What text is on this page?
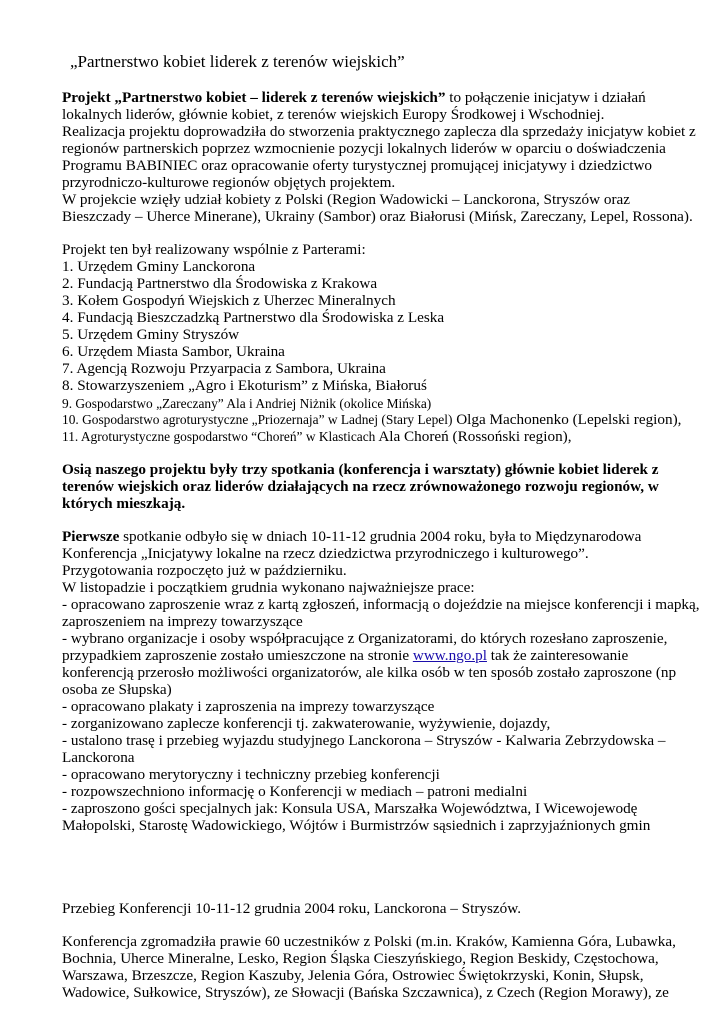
„Partnerstwo kobiet liderek z terenów wiejskich”
Projekt „Partnerstwo kobiet – liderek z terenów wiejskich” to połączenie inicjatyw i działań
lokalnych liderów, głównie kobiet, z terenów wiejskich Europy Środkowej i Wschodniej.
Realizacja projektu doprowadziła do stworzenia praktycznego zaplecza dla sprzedaży inicjatyw kobiet z
regionów partnerskich poprzez wzmocnienie pozycji lokalnych liderów w oparciu o doświadczenia
Programu BABINIEC oraz opracowanie oferty turystycznej promującej inicjatywy i dziedzictwo
przyrodniczo-kulturowe regionów objętych projektem.
W projekcie wzięły udział kobiety z Polski (Region Wadowicki – Lanckorona, Stryszów oraz
Bieszczady – Uherce Minerane), Ukrainy (Sambor) oraz Białorusi (Mińsk, Zareczany, Lepel, Rossona).
Projekt ten był realizowany wspólnie z Parterami:
1. Urzędem Gminy Lanckorona
2. Fundacją Partnerstwo dla Środowiska z Krakowa
3. Kołem Gospodyń Wiejskich z Uherzec Mineralnych
4. Fundacją Bieszczadzką Partnerstwo dla Środowiska z Leska
5. Urzędem Gminy Stryszów
6. Urzędem Miasta Sambor, Ukraina
7. Agencją Rozwoju Przyarpacia z Sambora, Ukraina
8. Stowarzyszeniem „Agro i Ekoturism” z Mińska, Białoruś
9. Gospodarstwo „Zareczany” Ala i Andriej Niżnik (okolice Mińska)
10. Gospodarstwo agroturystyczne „Priozernaja” w Ladnej (Stary Lepel) Olga Machonenko (Lepelski region),
11. Agroturystyczne gospodarstwo “Choreń” w Klasticach Ala Choreń (Rossoński region),
Osią naszego projektu były trzy spotkania (konferencja i warsztaty) głównie kobiet liderek z
terenów wiejskich oraz liderów działających na rzecz zrównoważonego rozwoju regionów, w
których mieszkają.
Pierwsze spotkanie odbyło się w dniach 10-11-12 grudnia 2004 roku, była to Międzynarodowa
Konferencja „Inicjatywy lokalne na rzecz dziedzictwa przyrodniczego i kulturowego”.
Przygotowania rozpoczęto już w październiku.
W listopadzie i początkiem grudnia wykonano najważniejsze prace:
- opracowano zaproszenie wraz z kartą zgłoszeń, informacją o dojeździe na miejsce konferencji i mapką,
zaproszeniem na imprezy towarzyszące
- wybrano organizacje i osoby współpracujące z Organizatorami, do których rozesłano zaproszenie,
przypadkiem zaproszenie zostało umieszczone na stronie www.ngo.pl tak że zainteresowanie
konferencją przerosło możliwości organizatorów, ale kilka osób w ten sposób zostało zaproszone (np
osoba ze Słupska)
- opracowano plakaty i zaproszenia na imprezy towarzyszące
- zorganizowano zaplecze konferencji tj. zakwaterowanie, wyżywienie, dojazdy,
- ustalono trasę i przebieg wyjazdu studyjnego Lanckorona – Stryszów - Kalwaria Zebrzydowska –
Lanckorona
- opracowano merytoryczny i techniczny przebieg konferencji
- rozpowszechniono informację o Konferencji w mediach – patroni medialni
- zaproszono gości specjalnych jak: Konsula USA, Marszałka Województwa, I Wicewojewodę
Małopolski, Starostę Wadowickiego, Wójtów i Burmistrzów sąsiednich i zaprzyjaźnionych gmin
Przebieg Konferencji 10-11-12 grudnia 2004 roku, Lanckorona – Stryszów.
Konferencja zgromadziła prawie 60 uczestników z Polski (m.in. Kraków, Kamienna Góra, Lubawka,
Bochnia, Uherce Mineralne, Lesko, Region Śląska Cieszyńskiego, Region Beskidy, Częstochowa,
Warszawa, Brzeszcze, Region Kaszuby, Jelenia Góra, Ostrowiec Świętokrzyski, Konin, Słupsk,
Wadowice, Sułkowice, Stryszów), ze Słowacji (Bańska Szczawnica), z Czech (Region Morawy), ze
